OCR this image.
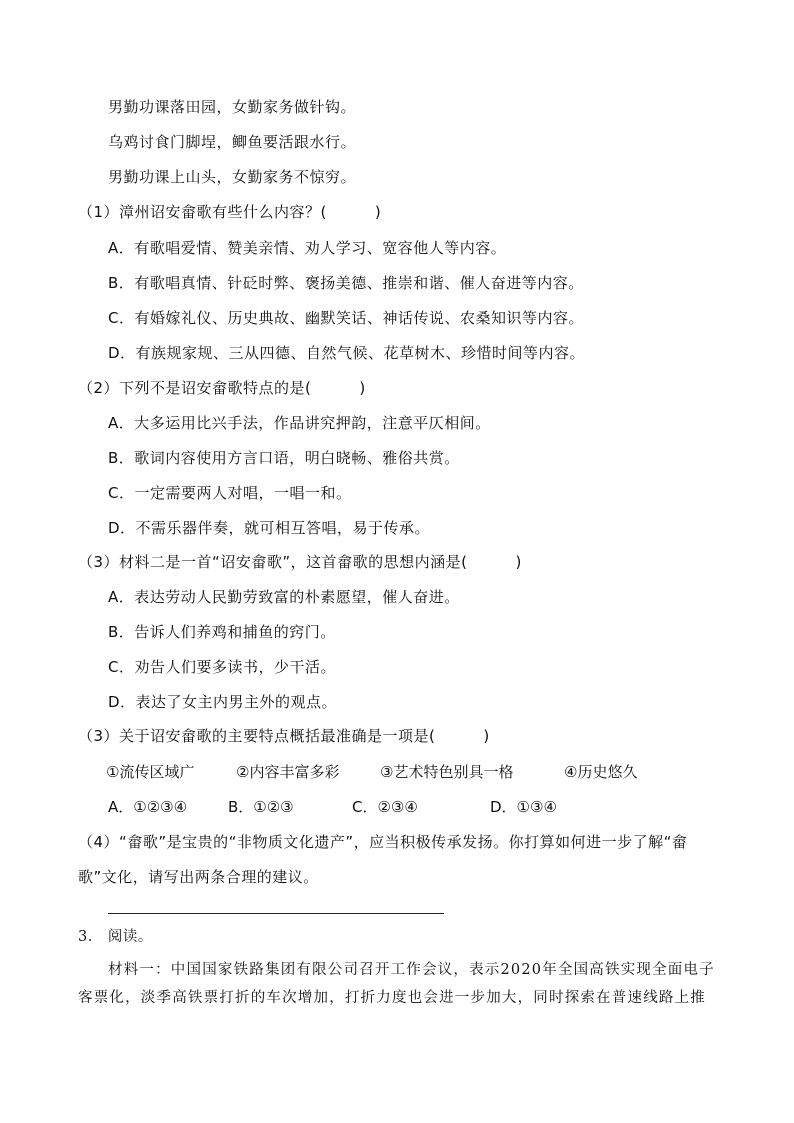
男勤功课落田园，女勤家务做针钩。
乌鸡讨食门脚埕，鲫鱼要活跟水行。
男勤功课上山头，女勤家务不惊穷。
（1）漳州诏安畲歌有些什么内容？(	)
A．有歌唱爱情、赞美亲情、劝人学习、宽容他人等内容。
B．有歌唱真情、针砭时弊、褒扬美德、推崇和谐、催人奋进等内容。
C．有婚嫁礼仪、历史典故、幽默笑话、神话传说、农桑知识等内容。
D．有族规家规、三从四德、自然气候、花草树木、珍惜时间等内容。
（2）下列不是诏安畲歌特点的是(	)
A．大多运用比兴手法，作品讲究押韵，注意平仄相间。
B．歌词内容使用方言口语，明白晓畅、雅俗共赏。
C．一定需要两人对唱，一唱一和。
D．不需乐器伴奏，就可相互答唱，易于传承。
（3）材料二是一首“诏安畲歌”，这首畲歌的思想内涵是(	)
A．表达劳动人民勤劳致富的朴素愿望，催人奋进。
B．告诉人们养鸡和捕鱼的窍门。
C．劝告人们要多读书，少干活。
D．表达了女主内男主外的观点。
（3）关于诏安畲歌的主要特点概括最准确是一项是(	)
①流传区域广	②内容丰富多彩	③艺术特色别具一格	④历史悠久
A．①②③④	B．①②③	C．②③④	D．①③④
（4）“畲歌”是宝贵的“非物质文化遗产”，应当积极传承发扬。你打算如何进一步了解“畲
歌”文化，请写出两条合理的建议。
3.　阅读。
材料一：中国国家铁路集团有限公司召开工作会议，表示2020年全国高铁实现全面电子
客票化，淡季高铁票打折的车次增加，打折力度也会进一步加大，同时探索在普速线路上推
